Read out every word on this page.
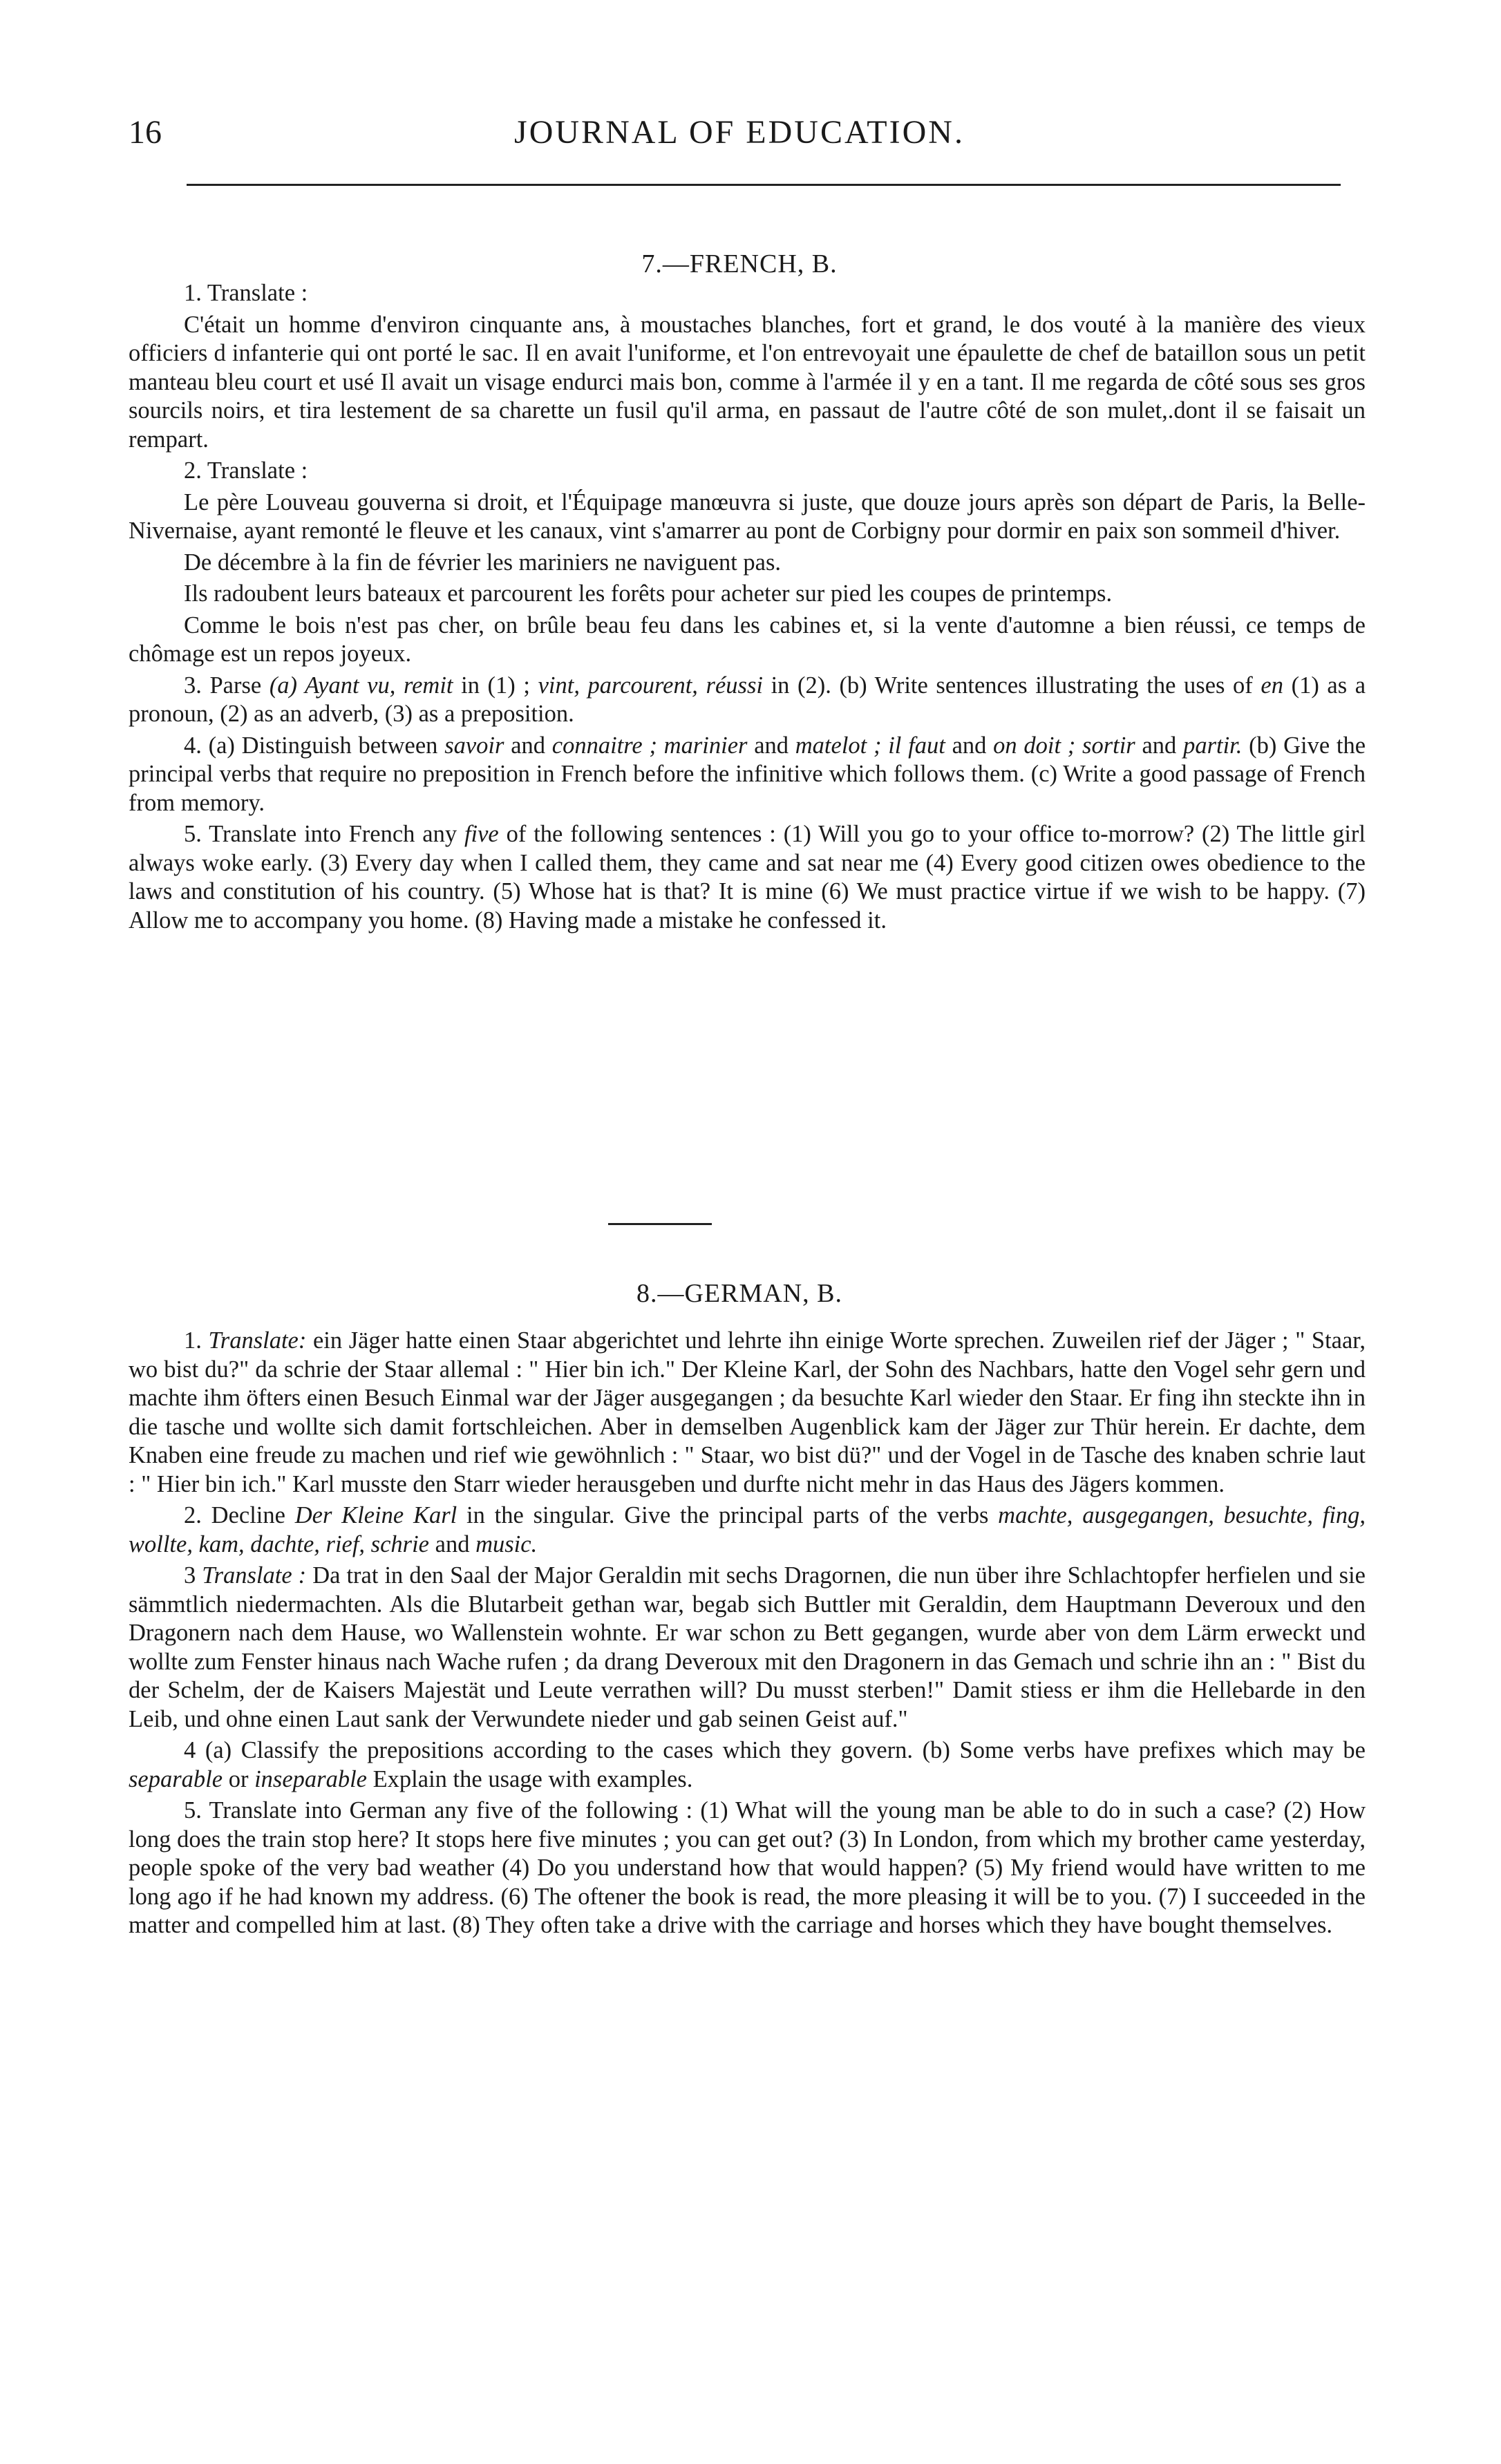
16	JOURNAL OF EDUCATION.
7.—FRENCH, B.

1. Translate :

C'était un homme d'environ cinquante ans, à moustaches blanches, fort et grand, le dos vouté à la manière des vieux officiers d infanterie qui ont porté le sac. Il en avait l'uniforme, et l'on entrevoyait une épaulette de chef de bataillon sous un petit manteau bleu court et usé Il avait un visage endurci mais bon, comme à l'armée il y en a tant. Il me regarda de côté sous ses gros sourcils noirs, et tira lestement de sa charette un fusil qu'il arma, en passaut de l'autre côté de son mulet,.dont il se faisait un rempart.

2. Translate :

Le père Louveau gouverna si droit, et l'Équipage manœuvra si juste, que douze jours après son départ de Paris, la Belle-Nivernaise, ayant remonté le fleuve et les canaux, vint s'amarrer au pont de Corbigny pour dormir en paix son sommeil d'hiver.

De décembre à la fin de février les mariniers ne naviguent pas.

Ils radoubent leurs bateaux et parcourent les forêts pour acheter sur pied les coupes de printemps.

Comme le bois n'est pas cher, on brûle beau feu dans les cabines et, si la vente d'automne a bien réussi, ce temps de chômage est un repos joyeux.

3. Parse (a) Ayant vu, remit in (1) ; vint, parcourent, réussi in (2). (b) Write sentences illustrating the uses of en (1) as a pronoun, (2) as an adverb, (3) as a preposition.

4. (a) Distinguish between savoir and connaitre ; marinier and matelot ; il faut and on doit ; sortir and partir. (b) Give the principal verbs that require no preposition in French before the infinitive which follows them. (c) Write a good passage of French from memory.

5. Translate into French any five of the following sentences : (1) Will you go to your office to-morrow? (2) The little girl always woke early. (3) Every day when I called them, they came and sat near me (4) Every good citizen owes obedience to the laws and constitution of his country. (5) Whose hat is that? It is mine (6) We must practice virtue if we wish to be happy. (7) Allow me to accompany you home. (8) Having made a mistake he confessed it.

8.—GERMAN, B.

1. Translate: ein Jäger hatte einen Staar abgerichtet und lehrte ihn einige Worte sprechen. Zuweilen rief der Jäger ; " Staar, wo bist du?" da schrie der Staar allemal : " Hier bin ich." Der Kleine Karl, der Sohn des Nachbars, hatte den Vogel sehr gern und machte ihm öfters einen Besuch Einmal war der Jäger ausgegangen ; da besuchte Karl wieder den Staar. Er fing ihn steckte ihn in die tasche und wollte sich damit fortschleichen. Aber in demselben Augenblick kam der Jäger zur Thür herein. Er dachte, dem Knaben eine freude zu machen und rief wie gewöhnlich : " Staar, wo bist dü?" und der Vogel in de Tasche des knaben schrie laut : " Hier bin ich." Karl musste den Starr wieder herausgeben und durfte nicht mehr in das Haus des Jägers kommen.

2. Decline Der Kleine Karl in the singular. Give the principal parts of the verbs machte, ausgegangen, besuchte, fing, wollte, kam, dachte, rief, schrie and music.

3 Translate : Da trat in den Saal der Major Geraldin mit sechs Dragornen, die nun über ihre Schlachtopfer herfielen und sie sämmtlich niedermachten. Als die Blutarbeit gethan war, begab sich Buttler mit Geraldin, dem Hauptmann Deveroux und den Dragonern nach dem Hause, wo Wallenstein wohnte. Er war schon zu Bett gegangen, wurde aber von dem Lärm erweckt und wollte zum Fenster hinaus nach Wache rufen ; da drang Deveroux mit den Dragonern in das Gemach und schrie ihn an : " Bist du der Schelm, der de Kaisers Majestät und Leute verrathen will? Du musst sterben!" Damit stiess er ihm die Hellebarde in den Leib, und ohne einen Laut sank der Verwundete nieder und gab seinen Geist auf."

4 (a) Classify the prepositions according to the cases which they govern. (b) Some verbs have prefixes which may be separable or inseparable Explain the usage with examples.

5. Translate into German any five of the following : (1) What will the young man be able to do in such a case? (2) How long does the train stop here? It stops here five minutes ; you can get out? (3) In London, from which my brother came yesterday, people spoke of the very bad weather (4) Do you understand how that would happen? (5) My friend would have written to me long ago if he had known my address. (6) The oftener the book is read, the more pleasing it will be to you. (7) I succeeded in the matter and compelled him at last. (8) They often take a drive with the carriage and horses which they have bought themselves.
